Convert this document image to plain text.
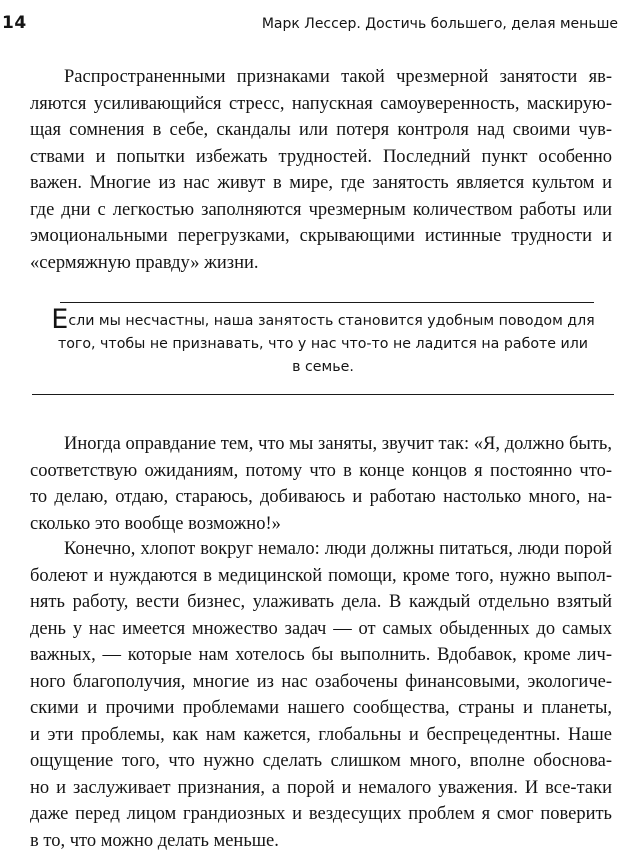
14	Марк Лессер. Достичь большего, делая меньше
Распространенными признаками такой чрезмерной занятости яв-
ляются усиливающийся стресс, напускная самоуверенность, маскирую-
щая сомнения в себе, скандалы или потеря контроля над своими чув-
ствами и попытки избежать трудностей. Последний пункт особенно
важен. Многие из нас живут в мире, где занятость является культом и
где дни с легкостью заполняются чрезмерным количеством работы или
эмоциональными перегрузками, скрывающими истинные трудности и
«сермяжную правду» жизни.
Если мы несчастны, наша занятость становится удобным поводом для
того, чтобы не признавать, что у нас что-то не ладится на работе или
в семье.
Иногда оправдание тем, что мы заняты, звучит так: «Я, должно быть,
соответствую ожиданиям, потому что в конце концов я постоянно что-
то делаю, отдаю, стараюсь, добиваюсь и работаю настолько много, на-
сколько это вообще возможно!»
Конечно, хлопот вокруг немало: люди должны питаться, люди порой
болеют и нуждаются в медицинской помощи, кроме того, нужно выпол-
нять работу, вести бизнес, улаживать дела. В каждый отдельно взятый
день у нас имеется множество задач — от самых обыденных до самых
важных, — которые нам хотелось бы выполнить. Вдобавок, кроме лич-
ного благополучия, многие из нас озабочены финансовыми, экологиче-
скими и прочими проблемами нашего сообщества, страны и планеты,
и эти проблемы, как нам кажется, глобальны и беспрецедентны. Наше
ощущение того, что нужно сделать слишком много, вполне обоснова-
но и заслуживает признания, а порой и немалого уважения. И все-таки
даже перед лицом грандиозных и вездесущих проблем я смог поверить
в то, что можно делать меньше.
